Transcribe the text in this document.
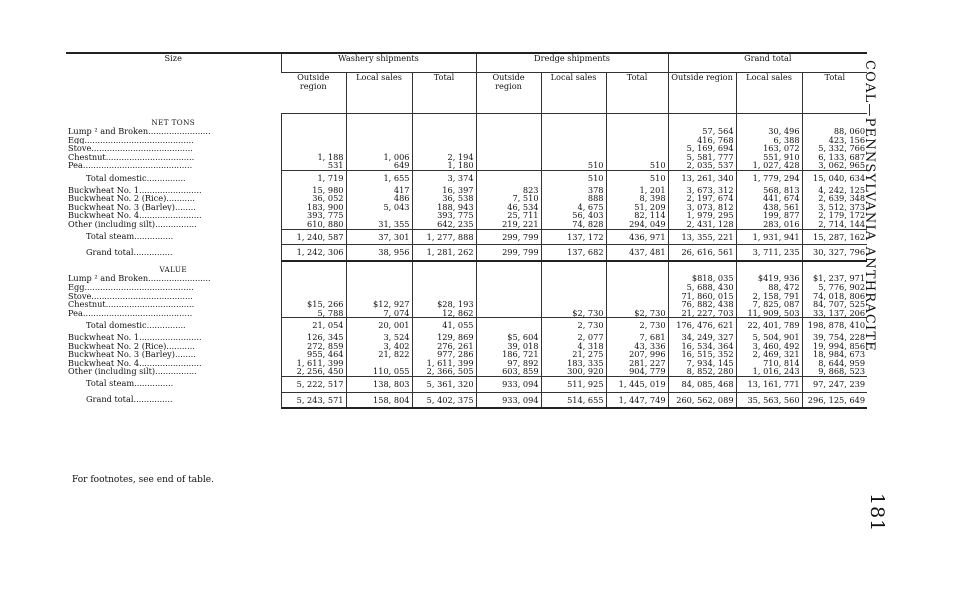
Size	Washery shipments			Dredge shipments			Grand total		
	Outside region	Local sales	Total	Outside region	Local sales	Total	Outside region	Local sales	Total
NET TONS									
Lump ² and Broken........................							57, 564	30, 496	88, 060
Egg..........................................							416, 768	6, 388	423, 156
Stove.......................................							5, 169, 694	163, 072	5, 332, 766
Chestnut..................................	1, 188	1, 006	2, 194				5, 581, 777	551, 910	6, 133, 687
Pea..........................................	531	649	1, 180		510	510	2, 035, 537	1, 027, 428	3, 062, 965
Total domestic...............	1, 719	1, 655	3, 374		510	510	13, 261, 340	1, 779, 294	15, 040, 634
Buckwheat No. 1........................	15, 980	417	16, 397	823	378	1, 201	3, 673, 312	568, 813	4, 242, 125
Buckwheat No. 2 (Rice)...........	36, 052	486	36, 538	7, 510	888	8, 398	2, 197, 674	441, 674	2, 639, 348
Buckwheat No. 3 (Barley)........	183, 900	5, 043	188, 943	46, 534	4, 675	51, 209	3, 073, 812	438, 561	3, 512, 373
Buckwheat No. 4........................	393, 775		393, 775	25, 711	56, 403	82, 114	1, 979, 295	199, 877	2, 179, 172
Other (including silt)................	610, 880	31, 355	642, 235	219, 221	74, 828	294, 049	2, 431, 128	283, 016	2, 714, 144
Total steam...............	1, 240, 587	37, 301	1, 277, 888	299, 799	137, 172	436, 971	13, 355, 221	1, 931, 941	15, 287, 162
Grand total...............	1, 242, 306	38, 956	1, 281, 262	299, 799	137, 682	437, 481	26, 616, 561	3, 711, 235	30, 327, 796
VALUE									
Lump ² and Broken........................							$818, 035	$419, 936	$1, 237, 971
Egg..........................................							5, 688, 430	88, 472	5, 776, 902
Stove.......................................							71, 860, 015	2, 158, 791	74, 018, 806
Chestnut..................................	$15, 266	$12, 927	$28, 193				76, 882, 438	7, 825, 087	84, 707, 525
Pea..........................................	5, 788	7, 074	12, 862		$2, 730	$2, 730	21, 227, 703	11, 909, 503	33, 137, 206
Total domestic...............	21, 054	20, 001	41, 055		2, 730	2, 730	176, 476, 621	22, 401, 789	198, 878, 410
Buckwheat No. 1........................	126, 345	3, 524	129, 869	$5, 604	2, 077	7, 681	34, 249, 327	5, 504, 901	39, 754, 228
Buckwheat No. 2 (Rice)...........	272, 859	3, 402	276, 261	39, 018	4, 318	43, 336	16, 534, 364	3, 460, 492	19, 994, 856
Buckwheat No. 3 (Barley)........	955, 464	21, 822	977, 286	186, 721	21, 275	207, 996	16, 515, 352	2, 469, 321	18, 984, 673
Buckwheat No. 4........................	1, 611, 399		1, 611, 399	97, 892	183, 335	281, 227	7, 934, 145	710, 814	8, 644, 959
Other (including silt)................	2, 256, 450	110, 055	2, 366, 505	603, 859	300, 920	904, 779	8, 852, 280	1, 016, 243	9, 868, 523
Total steam...............	5, 222, 517	138, 803	5, 361, 320	933, 094	511, 925	1, 445, 019	84, 085, 468	13, 161, 771	97, 247, 239
Grand total...............	5, 243, 571	158, 804	5, 402, 375	933, 094	514, 655	1, 447, 749	260, 562, 089	35, 563, 560	296, 125, 649
For footnotes, see end of table.
COAL—PENNSYLVANIA ANTHRACITE
181
